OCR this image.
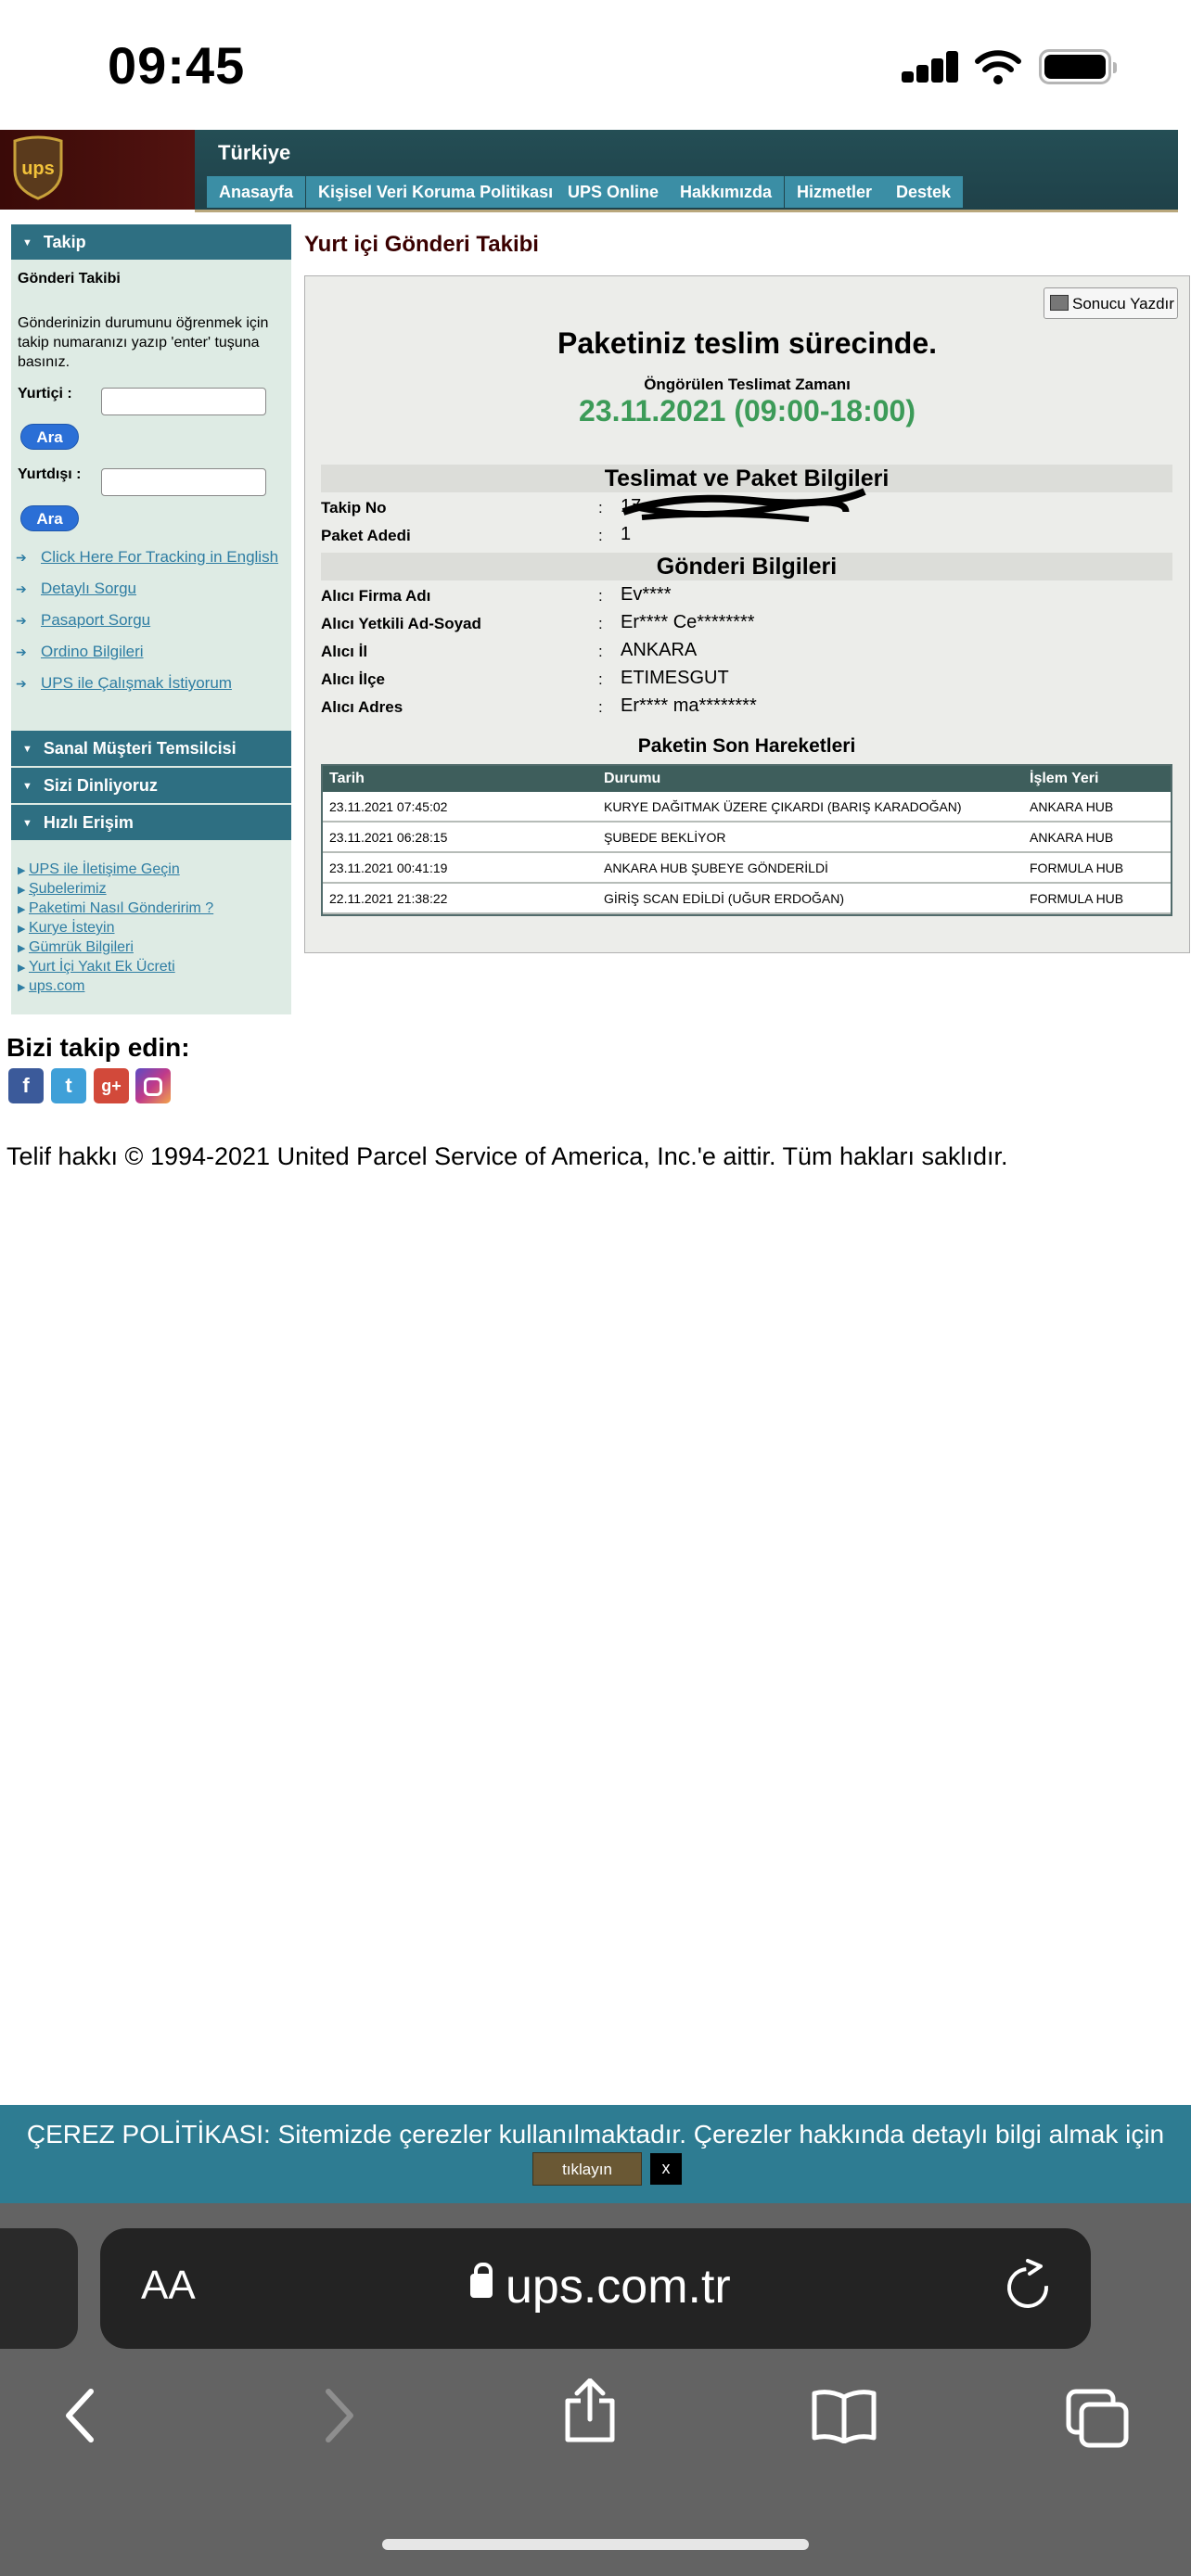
09:45
ups
Türkiye
Anasayfa	Kişisel Veri Koruma Politikası UPS Online	Hakkımızda	Hizmetler	Destek
▼ Takip
Gönderi Takibi
Gönderinizin durumunu öğrenmek için
takip numaranızı yazıp 'enter' tuşuna
basınız.
Yurtiçi :
Ara
Yurtdışı :
Ara
➔ Click Here For Tracking in English
➔ Detaylı Sorgu
➔ Pasaport Sorgu
➔ Ordino Bilgileri
➔ UPS ile Çalışmak İstiyorum
▼ Sanal Müşteri Temsilcisi
▼ Sizi Dinliyoruz
▼ Hızlı Erişim
▶ UPS ile İletişime Geçin
▶ Şubelerimiz
▶ Paketimi Nasıl Gönderirim ?
▶ Kurye İsteyin
▶ Gümrük Bilgileri
▶ Yurt İçi Yakıt Ek Ücreti
▶ ups.com
Yurt içi Gönderi Takibi
Sonucu Yazdır
Paketiniz teslim sürecinde.
Öngörülen Teslimat Zamanı
23.11.2021 (09:00-18:00)
Teslimat ve Paket Bilgileri
Takip No	: 17
Paket Adedi	: 1
Gönderi Bilgileri
Alıcı Firma Adı	: Ev****
Alıcı Yetkili Ad-Soyad	: Er**** Ce********
Alıcı İl	: ANKARA
Alıcı İlçe	: ETIMESGUT
Alıcı Adres	: Er**** ma********
Paketin Son Hareketleri
Tarih	Durumu	İşlem Yeri
23.11.2021 07:45:02	KURYE DAĞITMAK ÜZERE ÇIKARDI (BARIŞ KARADOĞAN)	ANKARA HUB
23.11.2021 06:28:15	ŞUBEDE BEKLİYOR	ANKARA HUB
23.11.2021 00:41:19	ANKARA HUB ŞUBEYE GÖNDERİLDİ	FORMULA HUB
22.11.2021 21:38:22	GİRİŞ SCAN EDİLDİ (UĞUR ERDOĞAN)	FORMULA HUB
Bizi takip edin:
f	t	g+
Telif hakkı © 1994-2021 United Parcel Service of America, Inc.'e aittir. Tüm hakları saklıdır.
ÇEREZ POLİTİKASI: Sitemizde çerezler kullanılmaktadır. Çerezler hakkında detaylı bilgi almak için
tıklayın	x
AA	ups.com.tr
